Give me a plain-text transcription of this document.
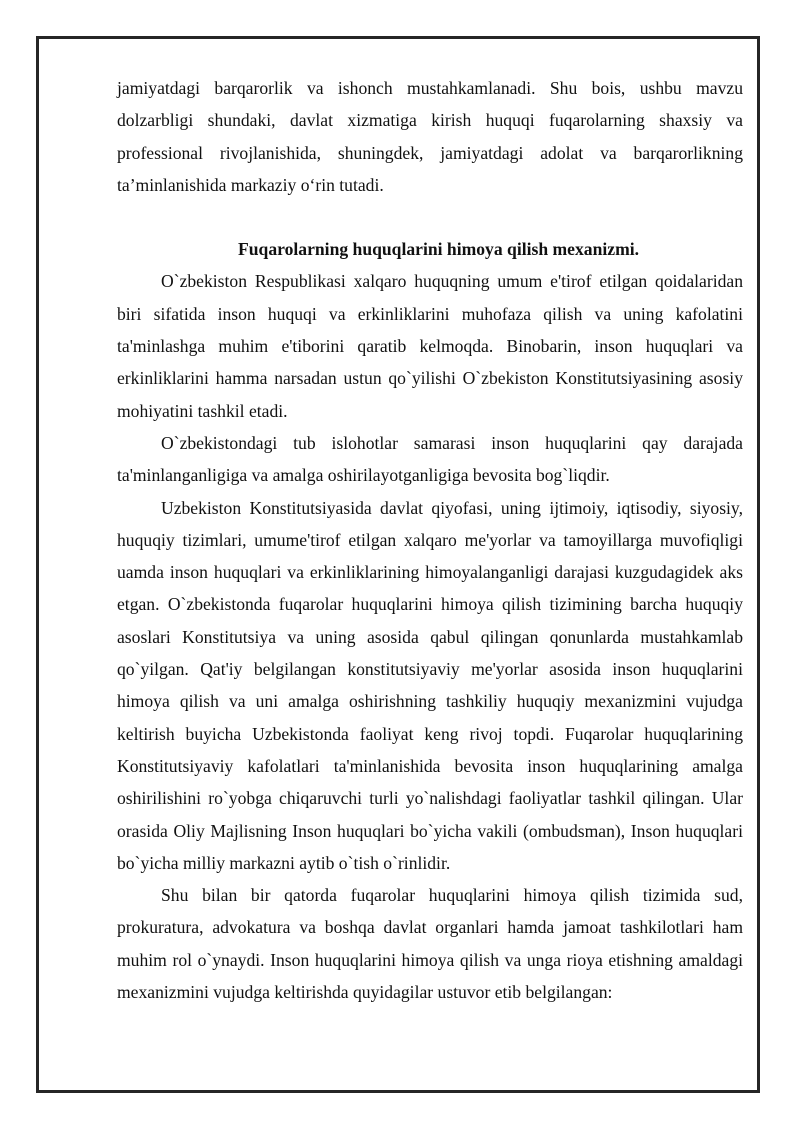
jamiyatdagi barqarorlik va ishonch mustahkamlanadi. Shu bois, ushbu mavzu dolzarbligi shundaki, davlat xizmatiga kirish huquqi fuqarolarning shaxsiy va professional rivojlanishida, shuningdek, jamiyatdagi adolat va barqarorlikning ta’minlanishida markaziy o‘rin tutadi.

Fuqarolarning huquqlarini himoya qilish mexanizmi.

O`zbekiston Respublikasi xalqaro huquqning umum e'tirof etilgan qoidalaridan biri sifatida inson huquqi va erkinliklarini muhofaza qilish va uning kafolatini ta'minlashga muhim e'tiborini qaratib kelmoqda. Binobarin, inson huquqlari va erkinliklarini hamma narsadan ustun qo`yilishi O`zbekiston Konstitutsiyasining asosiy mohiyatini tashkil etadi.

O`zbekistondagi tub islohotlar samarasi inson huquqlarini qay darajada ta'minlanganligiga va amalga oshirilayotganligiga bevosita bog`liqdir.

Uzbekiston Konstitutsiyasida davlat qiyofasi, uning ijtimoiy, iqtisodiy, siyosiy, huquqiy tizimlari, umume'tirof etilgan xalqaro me'yorlar va tamoyillarga muvofiqligi uamda inson huquqlari va erkinliklarining himoyalanganligi darajasi kuzgudagidek aks etgan. O`zbekistonda fuqarolar huquqlarini himoya qilish tizimining barcha huquqiy asoslari Konstitutsiya va uning asosida qabul qilingan qonunlarda mustahkamlab qo`yilgan. Qat'iy belgilangan konstitutsiyaviy me'yorlar asosida inson huquqlarini himoya qilish va uni amalga oshirishning tashkiliy huquqiy mexanizmini vujudga keltirish buyicha Uzbekistonda faoliyat keng rivoj topdi. Fuqarolar huquqlarining Konstitutsiyaviy kafolatlari ta'minlanishida bevosita inson huquqlarining amalga oshirilishini ro`yobga chiqaruvchi turli yo`nalishdagi faoliyatlar tashkil qilingan. Ular orasida Oliy Majlisning Inson huquqlari bo`yicha vakili (ombudsman), Inson huquqlari bo`yicha milliy markazni aytib o`tish o`rinlidir.

Shu bilan bir qatorda fuqarolar huquqlarini himoya qilish tizimida sud, prokuratura, advokatura va boshqa davlat organlari hamda jamoat tashkilotlari ham muhim rol o`ynaydi. Inson huquqlarini himoya qilish va unga rioya etishning amaldagi mexanizmini vujudga keltirishda quyidagilar ustuvor etib belgilangan:
